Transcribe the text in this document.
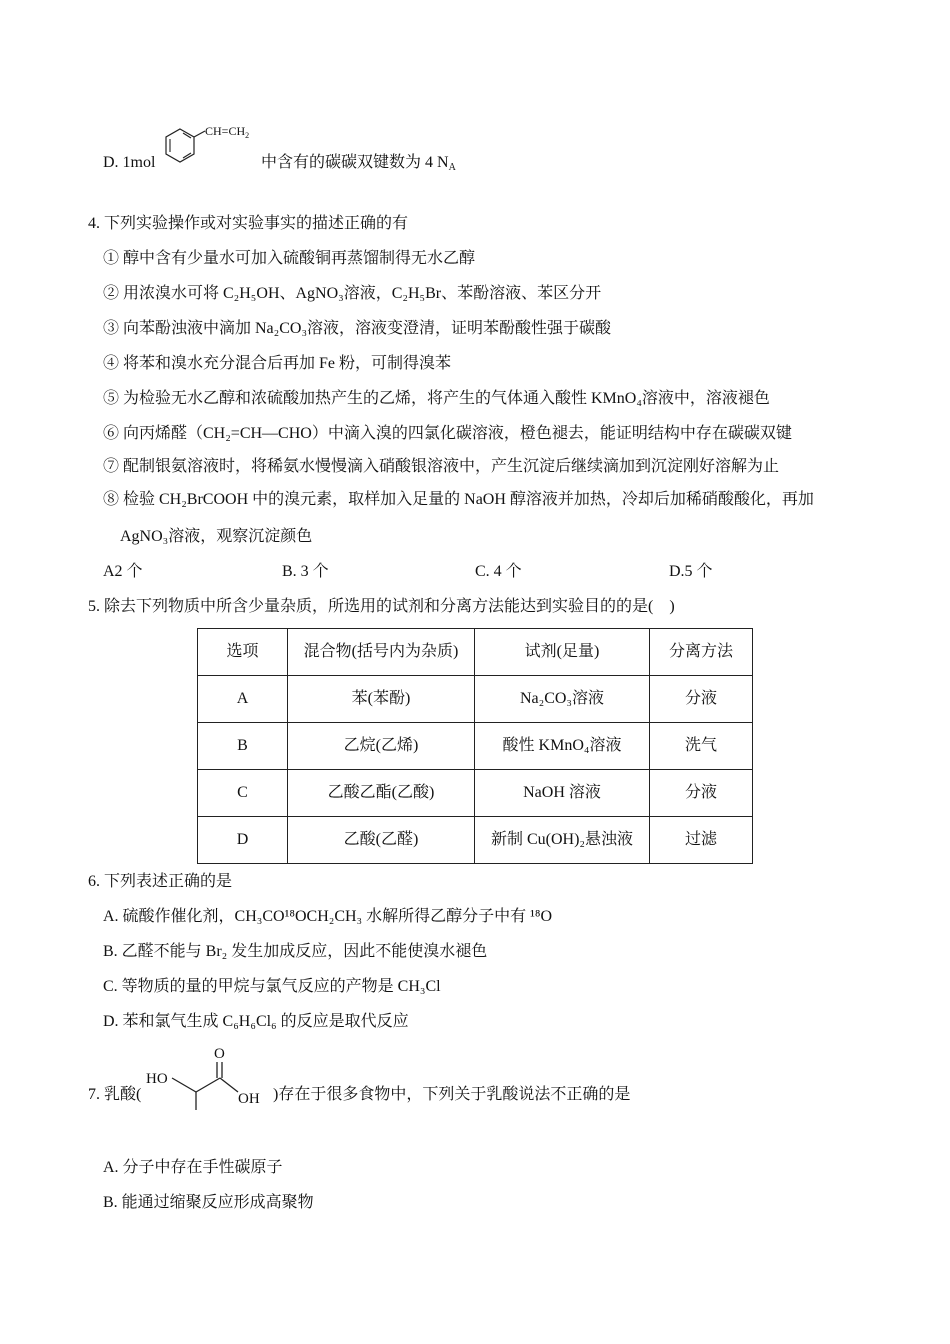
D. 1mol
$CH=CH_2$
中含有的碳碳双键数为 4 $N_A$
4. 下列实验操作或对实验事实的描述正确的有
① 醇中含有少量水可加入硫酸铜再蒸馏制得无水乙醇
② 用浓溴水可将 C₂H₅OH、AgNO₃溶液，C₂H₅Br、苯酚溶液、苯区分开
③ 向苯酚浊液中滴加 Na₂CO₃溶液，溶液变澄清，证明苯酚酸性强于碳酸
④ 将苯和溴水充分混合后再加 Fe 粉，可制得溴苯
⑤ 为检验无水乙醇和浓硫酸加热产生的乙烯，将产生的气体通入酸性 KMnO₄溶液中，溶液褪色
⑥ 向丙烯醛（CH₂=CH—CHO）中滴入溴的四氯化碳溶液，橙色褪去，能证明结构中存在碳碳双键
⑦ 配制银氨溶液时，将稀氨水慢慢滴入硝酸银溶液中，产生沉淀后继续滴加到沉淀刚好溶解为止
⑧ 检验 CH₂BrCOOH 中的溴元素，取样加入足量的 NaOH 醇溶液并加热，冷却后加稀硝酸酸化，再加
AgNO₃溶液，观察沉淀颜色
A2 个	B. 3 个	C. 4 个	D.5 个
5. 除去下列物质中所含少量杂质，所选用的试剂和分离方法能达到实验目的的是(　)
选项	混合物(括号内为杂质)	试剂(足量)	分离方法
A	苯(苯酚)	Na₂CO₃溶液	分液
B	乙烷(乙烯)	酸性 KMnO₄溶液	洗气
C	乙酸乙酯(乙酸)	NaOH 溶液	分液
D	乙酸(乙醛)	新制 Cu(OH)₂悬浊液	过滤
6. 下列表述正确的是
A. 硫酸作催化剂，CH₃CO¹⁸OCH₂CH₃ 水解所得乙醇分子中有 ¹⁸O
B. 乙醛不能与 Br₂ 发生加成反应，因此不能使溴水褪色
C. 等物质的量的甲烷与氯气反应的产物是 CH₃Cl
D. 苯和氯气生成 C₆H₆Cl₆ 的反应是取代反应
7. 乳酸(
HO
O
OH )存在于很多食物中，下列关于乳酸说法不正确的是
A. 分子中存在手性碳原子
B. 能通过缩聚反应形成高聚物
